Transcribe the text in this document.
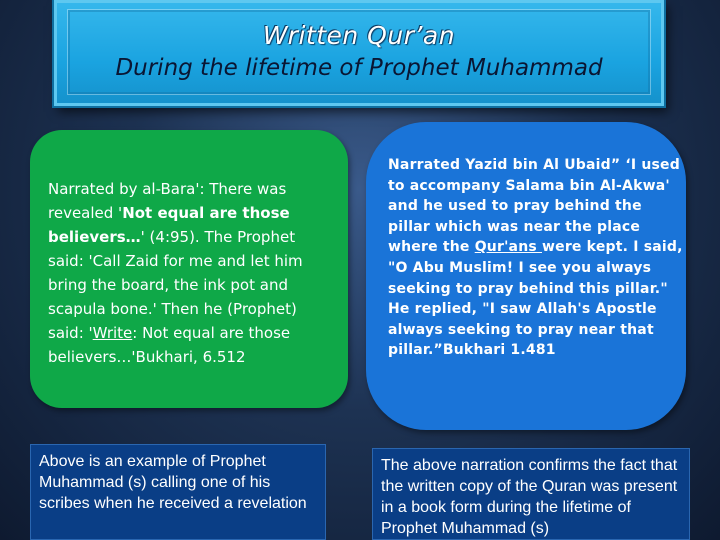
Written Qur’an
During the lifetime of Prophet Muhammad
Narrated by al-Bara': There was revealed 'Not equal are those believers…' (4:95). The Prophet said: 'Call Zaid for me and let him bring the board, the ink pot and scapula bone.' Then he (Prophet) said: 'Write: Not equal are those believers…'Bukhari, 6.512
Narrated Yazid bin Al Ubaid” ‘I used to accompany Salama bin Al-Akwa' and he used to pray behind the pillar which was near the place where the Qur'ans were kept. I said, "O Abu Muslim! I see you always seeking to pray behind this pillar." He replied, "I saw Allah's Apostle always seeking to pray near that pillar.”Bukhari 1.481
Above is an example of Prophet Muhammad (s) calling one of his scribes when he received a revelation
The above narration confirms the fact that the written copy of the Quran was present in a book form during the lifetime of Prophet Muhammad (s)
